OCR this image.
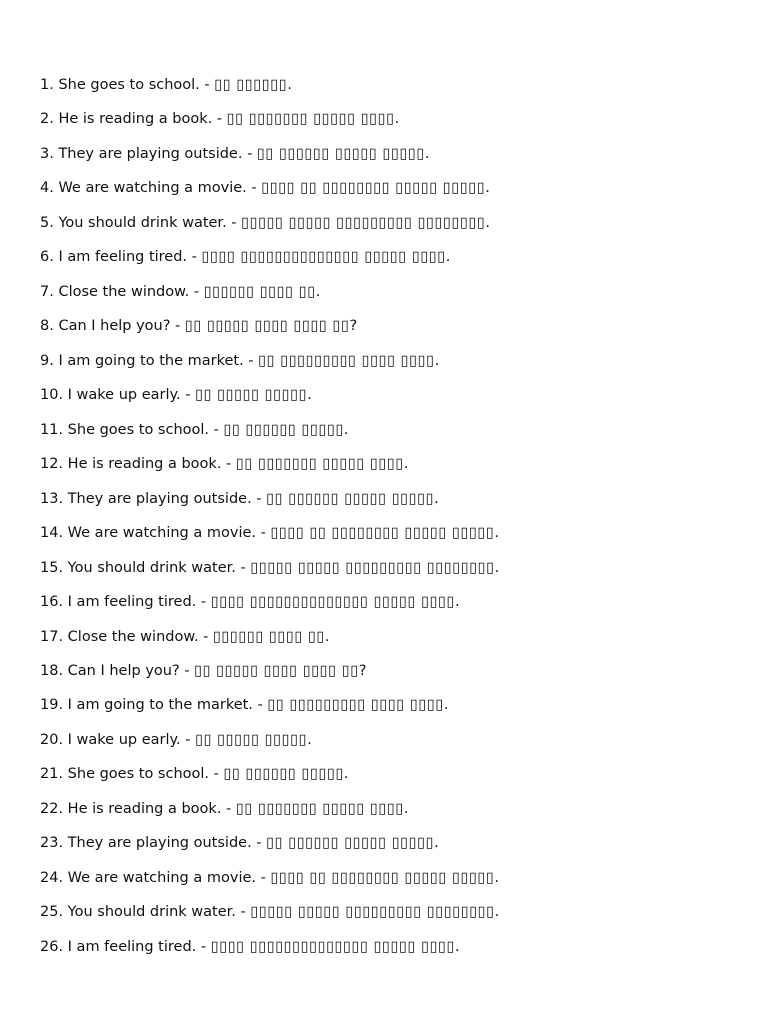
1. She goes to school. - ▯▯ ▯▯▯▯▯▯.
2. He is reading a book. - ▯▯ ▯▯▯▯▯▯▯ ▯▯▯▯▯ ▯▯▯▯.
3. They are playing outside. - ▯▯ ▯▯▯▯▯▯ ▯▯▯▯▯ ▯▯▯▯▯.
4. We are watching a movie. - ▯▯▯▯ ▯▯ ▯▯▯▯▯▯▯▯ ▯▯▯▯▯ ▯▯▯▯▯.
5. You should drink water. - ▯▯▯▯▯ ▯▯▯▯▯ ▯▯▯▯▯▯▯▯▯ ▯▯▯▯▯▯▯▯.
6. I am feeling tired. - ▯▯▯▯ ▯▯▯▯▯▯▯▯▯▯▯▯▯▯ ▯▯▯▯▯ ▯▯▯▯.
7. Close the window. - ▯▯▯▯▯▯ ▯▯▯▯ ▯▯.
8. Can I help you? - ▯▯ ▯▯▯▯▯ ▯▯▯▯ ▯▯▯▯ ▯▯?
9. I am going to the market. - ▯▯ ▯▯▯▯▯▯▯▯▯ ▯▯▯▯ ▯▯▯▯.
10. I wake up early. - ▯▯ ▯▯▯▯▯ ▯▯▯▯▯.
11. She goes to school. - ▯▯ ▯▯▯▯▯▯ ▯▯▯▯▯.
12. He is reading a book. - ▯▯ ▯▯▯▯▯▯▯ ▯▯▯▯▯ ▯▯▯▯.
13. They are playing outside. - ▯▯ ▯▯▯▯▯▯ ▯▯▯▯▯ ▯▯▯▯▯.
14. We are watching a movie. - ▯▯▯▯ ▯▯ ▯▯▯▯▯▯▯▯ ▯▯▯▯▯ ▯▯▯▯▯.
15. You should drink water. - ▯▯▯▯▯ ▯▯▯▯▯ ▯▯▯▯▯▯▯▯▯ ▯▯▯▯▯▯▯▯.
16. I am feeling tired. - ▯▯▯▯ ▯▯▯▯▯▯▯▯▯▯▯▯▯▯ ▯▯▯▯▯ ▯▯▯▯.
17. Close the window. - ▯▯▯▯▯▯ ▯▯▯▯ ▯▯.
18. Can I help you? - ▯▯ ▯▯▯▯▯ ▯▯▯▯ ▯▯▯▯ ▯▯?
19. I am going to the market. - ▯▯ ▯▯▯▯▯▯▯▯▯ ▯▯▯▯ ▯▯▯▯.
20. I wake up early. - ▯▯ ▯▯▯▯▯ ▯▯▯▯▯.
21. She goes to school. - ▯▯ ▯▯▯▯▯▯ ▯▯▯▯▯.
22. He is reading a book. - ▯▯ ▯▯▯▯▯▯▯ ▯▯▯▯▯ ▯▯▯▯.
23. They are playing outside. - ▯▯ ▯▯▯▯▯▯ ▯▯▯▯▯ ▯▯▯▯▯.
24. We are watching a movie. - ▯▯▯▯ ▯▯ ▯▯▯▯▯▯▯▯ ▯▯▯▯▯ ▯▯▯▯▯.
25. You should drink water. - ▯▯▯▯▯ ▯▯▯▯▯ ▯▯▯▯▯▯▯▯▯ ▯▯▯▯▯▯▯▯.
26. I am feeling tired. - ▯▯▯▯ ▯▯▯▯▯▯▯▯▯▯▯▯▯▯ ▯▯▯▯▯ ▯▯▯▯.
